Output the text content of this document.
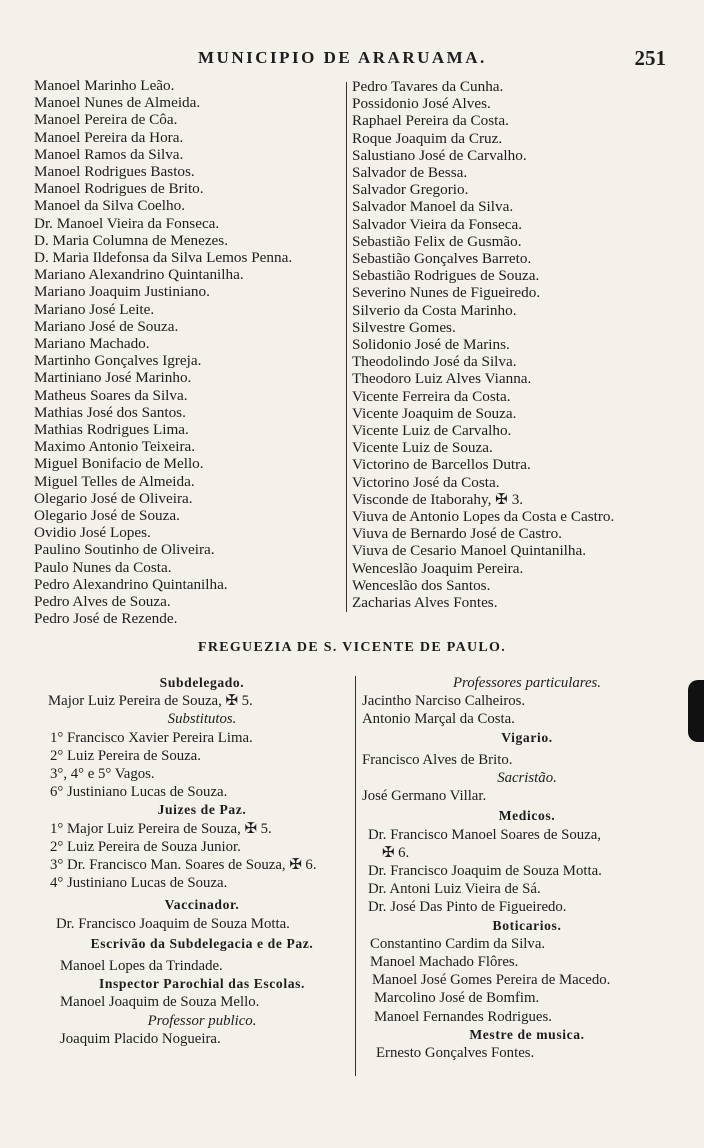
MUNICIPIO DE ARARUAMA.	251
Manoel Marinho Leão.
Manoel Nunes de Almeida.
Manoel Pereira de Côa.
Manoel Pereira da Hora.
Manoel Ramos da Silva.
Manoel Rodrigues Bastos.
Manoel Rodrigues de Brito.
Manoel da Silva Coelho.
Dr. Manoel Vieira da Fonseca.
D. Maria Columna de Menezes.
D. Maria Ildefonsa da Silva Lemos Penna.
Mariano Alexandrino Quintanilha.
Mariano Joaquim Justiniano.
Mariano José Leite.
Mariano José de Souza.
Mariano Machado.
Martinho Gonçalves Igreja.
Martiniano José Marinho.
Matheus Soares da Silva.
Mathias José dos Santos.
Mathias Rodrigues Lima.
Maximo Antonio Teixeira.
Miguel Bonifacio de Mello.
Miguel Telles de Almeida.
Olegario José de Oliveira.
Olegario José de Souza.
Ovidio José Lopes.
Paulino Soutinho de Oliveira.
Paulo Nunes da Costa.
Pedro Alexandrino Quintanilha.
Pedro Alves de Souza.
Pedro José de Rezende.
Pedro Tavares da Cunha.
Possidonio José Alves.
Raphael Pereira da Costa.
Roque Joaquim da Cruz.
Salustiano José de Carvalho.
Salvador de Bessa.
Salvador Gregorio.
Salvador Manoel da Silva.
Salvador Vieira da Fonseca.
Sebastião Felix de Gusmão.
Sebastião Gonçalves Barreto.
Sebastião Rodrigues de Souza.
Severino Nunes de Figueiredo.
Silverio da Costa Marinho.
Silvestre Gomes.
Solidonio José de Marins.
Theodolindo José da Silva.
Theodoro Luiz Alves Vianna.
Vicente Ferreira da Costa.
Vicente Joaquim de Souza.
Vicente Luiz de Carvalho.
Vicente Luiz de Souza.
Victorino de Barcellos Dutra.
Victorino José da Costa.
Visconde de Itaborahy, ✠ 3.
Viuva de Antonio Lopes da Costa e Castro.
Viuva de Bernardo José de Castro.
Viuva de Cesario Manoel Quintanilha.
Wenceslão Joaquim Pereira.
Wenceslão dos Santos.
Zacharias Alves Fontes.
FREGUEZIA DE S. VICENTE DE PAULO.
Subdelegado.
Major Luiz Pereira de Souza, ✠ 5.
Substitutos.
1° Francisco Xavier Pereira Lima.
2° Luiz Pereira de Souza.
3°, 4° e 5° Vagos.
6° Justiniano Lucas de Souza.
Juizes de Paz.
1° Major Luiz Pereira de Souza, ✠ 5.
2° Luiz Pereira de Souza Junior.
3° Dr. Francisco Man. Soares de Souza, ✠ 6.
4° Justiniano Lucas de Souza.
Vaccinador.
Dr. Francisco Joaquim de Souza Motta.
Escrivão da Subdelegacia e de Paz.
Manoel Lopes da Trindade.
Inspector Parochial das Escolas.
Manoel Joaquim de Souza Mello.
Professor publico.
Joaquim Placido Nogueira.
Professores particulares.
Jacintho Narciso Calheiros.
Antonio Marçal da Costa.
Vigario.
Francisco Alves de Brito.
Sacristão.
José Germano Villar.
Medicos.
Dr. Francisco Manoel Soares de Souza,
✠ 6.
Dr. Francisco Joaquim de Souza Motta.
Dr. Antoni Luiz Vieira de Sá.
Dr. José Das Pinto de Figueiredo.
Boticarios.
Constantino Cardim da Silva.
Manoel Machado Flôres.
Manoel José Gomes Pereira de Macedo.
Marcolino José de Bomfim.
Manoel Fernandes Rodrigues.
Mestre de musica.
Ernesto Gonçalves Fontes.
